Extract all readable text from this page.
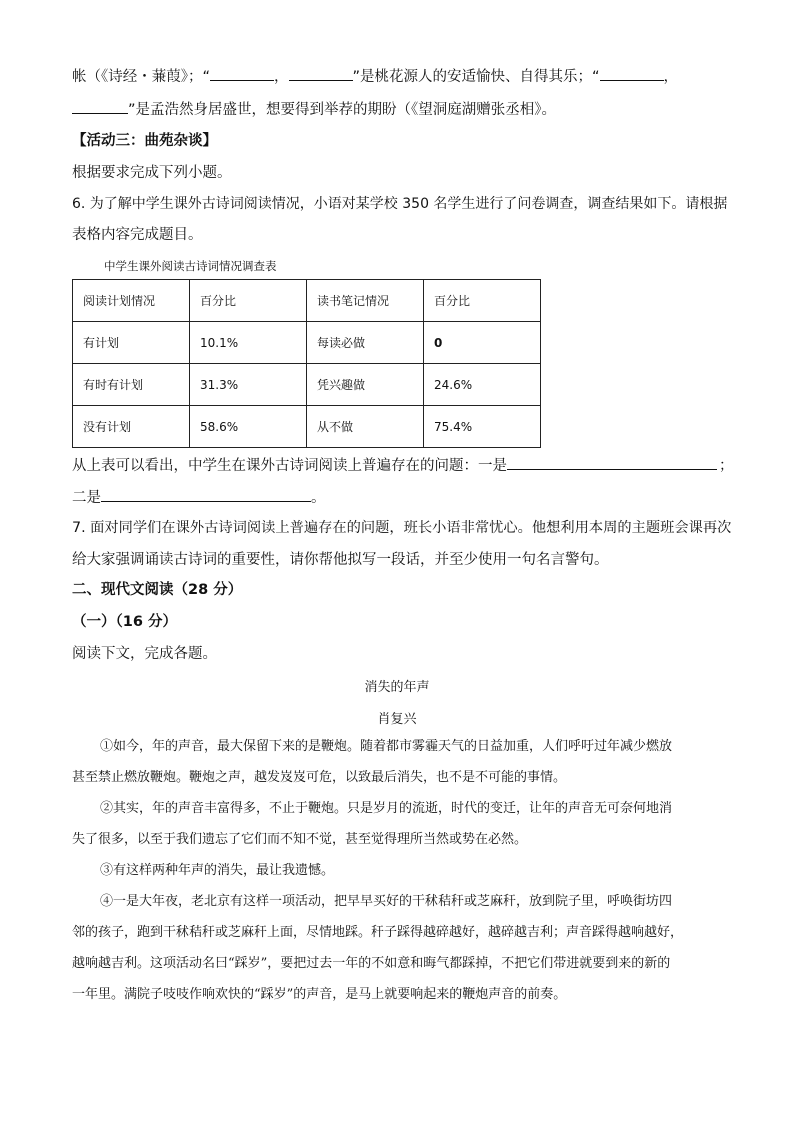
帐（《诗经・蒹葭》；“	，	”是桃花源人的安适愉快、自得其乐；“	，
”是孟浩然身居盛世，想要得到举荐的期盼（《望洞庭湖赠张丞相》。
【活动三：曲苑杂谈】
根据要求完成下列小题。
6. 为了解中学生课外古诗词阅读情况，小语对某学校 350 名学生进行了问卷调查，调查结果如下。请根据
表格内容完成题目。
中学生课外阅读古诗词情况调查表
阅读计划情况	百分比	读书笔记情况	百分比
有计划	10.1%	每读必做	0
有时有计划	31.3%	凭兴趣做	24.6%
没有计划	58.6%	从不做	75.4%
从上表可以看出，中学生在课外古诗词阅读上普遍存在的问题：一是	；
二是	。
7. 面对同学们在课外古诗词阅读上普遍存在的问题，班长小语非常忧心。他想利用本周的主题班会课再次
给大家强调诵读古诗词的重要性，请你帮他拟写一段话，并至少使用一句名言警句。
二、现代文阅读（28 分）
（一）（16 分）
阅读下文，完成各题。
消失的年声
肖复兴
①如今，年的声音，最大保留下来的是鞭炮。随着都市雾霾天气的日益加重，人们呼吁过年减少燃放
甚至禁止燃放鞭炮。鞭炮之声，越发岌岌可危，以致最后消失，也不是不可能的事情。
②其实，年的声音丰富得多，不止于鞭炮。只是岁月的流逝，时代的变迁，让年的声音无可奈何地消
失了很多，以至于我们遗忘了它们而不知不觉，甚至觉得理所当然或势在必然。
③有这样两种年声的消失，最让我遗憾。
④一是大年夜，老北京有这样一项活动，把早早买好的干秫秸秆或芝麻秆，放到院子里，呼唤街坊四
邻的孩子，跑到干秫秸秆或芝麻秆上面，尽情地踩。秆子踩得越碎越好，越碎越吉利；声音踩得越响越好，
越响越吉利。这项活动名曰“踩岁”，要把过去一年的不如意和晦气都踩掉，不把它们带进就要到来的新的
一年里。满院子吱吱作响欢快的“踩岁”的声音，是马上就要响起来的鞭炮声音的前奏。
